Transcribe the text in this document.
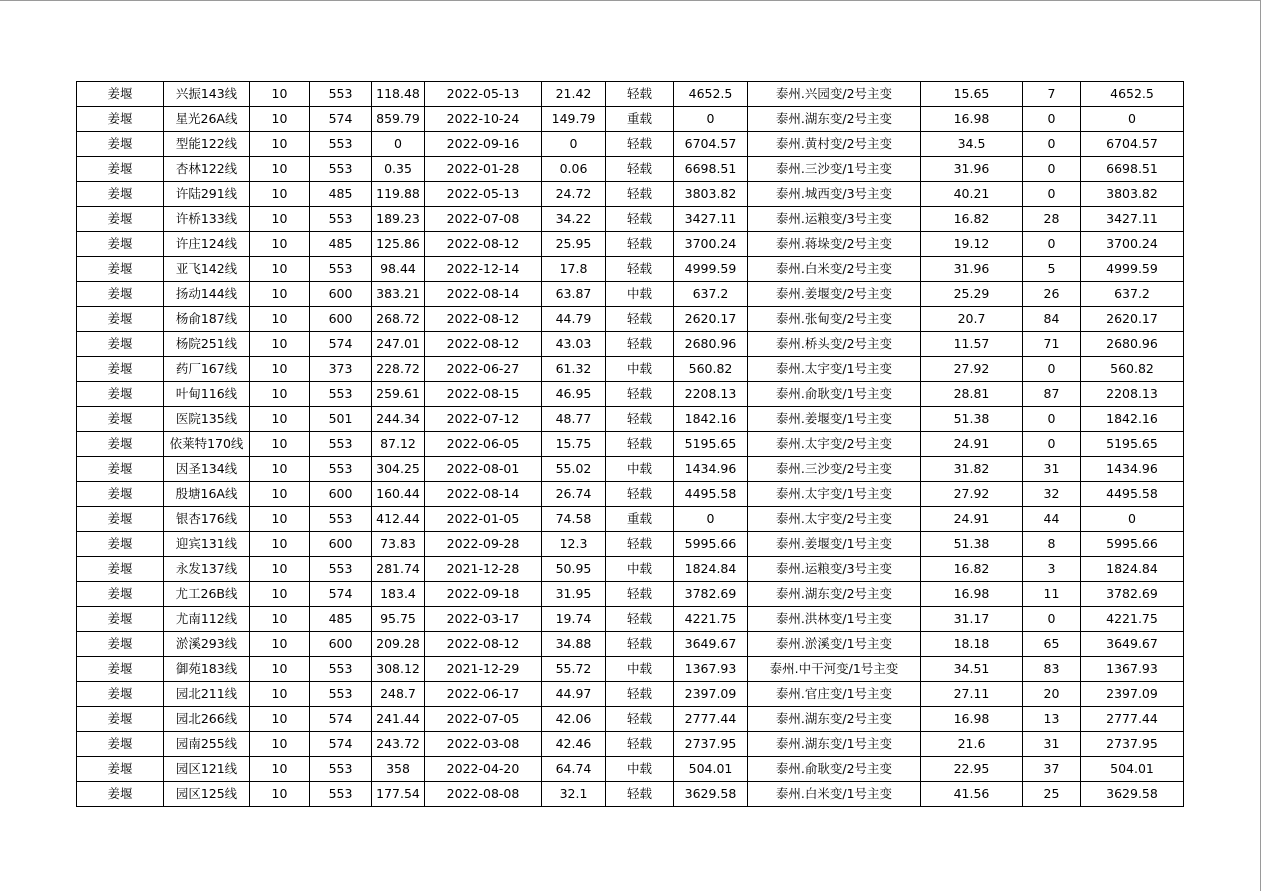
姜堰	兴振143线	10	553	118.48	2022-05-13	21.42	轻载	4652.5	泰州.兴园变/2号主变	15.65	7	4652.5
姜堰	星光26A线	10	574	859.79	2022-10-24	149.79	重载	0	泰州.湖东变/2号主变	16.98	0	0
姜堰	型能122线	10	553	0	2022-09-16	0	轻载	6704.57	泰州.黄村变/2号主变	34.5	0	6704.57
姜堰	杏林122线	10	553	0.35	2022-01-28	0.06	轻载	6698.51	泰州.三沙变/1号主变	31.96	0	6698.51
姜堰	许陆291线	10	485	119.88	2022-05-13	24.72	轻载	3803.82	泰州.城西变/3号主变	40.21	0	3803.82
姜堰	许桥133线	10	553	189.23	2022-07-08	34.22	轻载	3427.11	泰州.运粮变/3号主变	16.82	28	3427.11
姜堰	许庄124线	10	485	125.86	2022-08-12	25.95	轻载	3700.24	泰州.蒋垛变/2号主变	19.12	0	3700.24
姜堰	亚飞142线	10	553	98.44	2022-12-14	17.8	轻载	4999.59	泰州.白米变/2号主变	31.96	5	4999.59
姜堰	扬动144线	10	600	383.21	2022-08-14	63.87	中载	637.2	泰州.姜堰变/2号主变	25.29	26	637.2
姜堰	杨俞187线	10	600	268.72	2022-08-12	44.79	轻载	2620.17	泰州.张甸变/2号主变	20.7	84	2620.17
姜堰	杨院251线	10	574	247.01	2022-08-12	43.03	轻载	2680.96	泰州.桥头变/2号主变	11.57	71	2680.96
姜堰	药厂167线	10	373	228.72	2022-06-27	61.32	中载	560.82	泰州.太宇变/1号主变	27.92	0	560.82
姜堰	叶甸116线	10	553	259.61	2022-08-15	46.95	轻载	2208.13	泰州.俞耿变/1号主变	28.81	87	2208.13
姜堰	医院135线	10	501	244.34	2022-07-12	48.77	轻载	1842.16	泰州.姜堰变/1号主变	51.38	0	1842.16
姜堰	依莱特170线	10	553	87.12	2022-06-05	15.75	轻载	5195.65	泰州.太宇变/2号主变	24.91	0	5195.65
姜堰	因圣134线	10	553	304.25	2022-08-01	55.02	中载	1434.96	泰州.三沙变/2号主变	31.82	31	1434.96
姜堰	殷塘16A线	10	600	160.44	2022-08-14	26.74	轻载	4495.58	泰州.太宇变/1号主变	27.92	32	4495.58
姜堰	银杏176线	10	553	412.44	2022-01-05	74.58	重载	0	泰州.太宇变/2号主变	24.91	44	0
姜堰	迎宾131线	10	600	73.83	2022-09-28	12.3	轻载	5995.66	泰州.姜堰变/1号主变	51.38	8	5995.66
姜堰	永发137线	10	553	281.74	2021-12-28	50.95	中载	1824.84	泰州.运粮变/3号主变	16.82	3	1824.84
姜堰	尤工26B线	10	574	183.4	2022-09-18	31.95	轻载	3782.69	泰州.湖东变/2号主变	16.98	11	3782.69
姜堰	尤南112线	10	485	95.75	2022-03-17	19.74	轻载	4221.75	泰州.洪林变/1号主变	31.17	0	4221.75
姜堰	淤溪293线	10	600	209.28	2022-08-12	34.88	轻载	3649.67	泰州.淤溪变/1号主变	18.18	65	3649.67
姜堰	御苑183线	10	553	308.12	2021-12-29	55.72	中载	1367.93	泰州.中干河变/1号主变	34.51	83	1367.93
姜堰	园北211线	10	553	248.7	2022-06-17	44.97	轻载	2397.09	泰州.官庄变/1号主变	27.11	20	2397.09
姜堰	园北266线	10	574	241.44	2022-07-05	42.06	轻载	2777.44	泰州.湖东变/2号主变	16.98	13	2777.44
姜堰	园南255线	10	574	243.72	2022-03-08	42.46	轻载	2737.95	泰州.湖东变/1号主变	21.6	31	2737.95
姜堰	园区121线	10	553	358	2022-04-20	64.74	中载	504.01	泰州.俞耿变/2号主变	22.95	37	504.01
姜堰	园区125线	10	553	177.54	2022-08-08	32.1	轻载	3629.58	泰州.白米变/1号主变	41.56	25	3629.58
